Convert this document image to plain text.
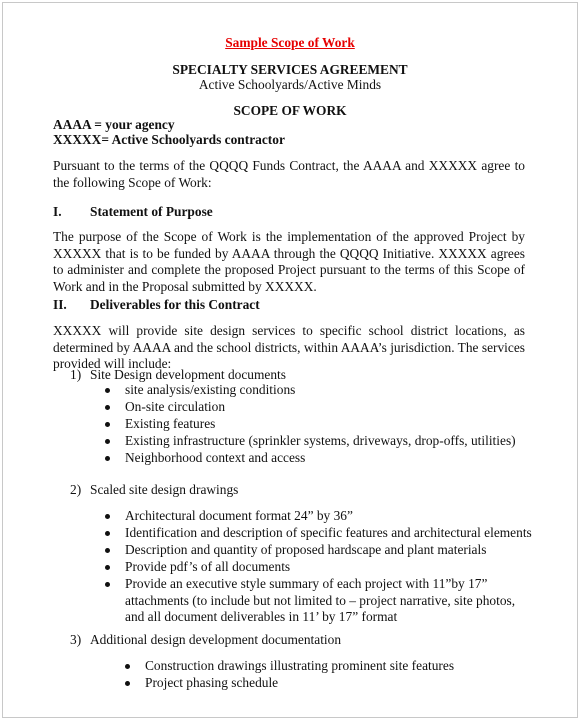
Sample Scope of Work
SPECIALTY SERVICES AGREEMENT
Active Schoolyards/Active Minds
SCOPE OF WORK
AAAA = your agency
XXXXX= Active Schoolyards contractor
Pursuant to the terms of the QQQQ Funds Contract, the AAAA and XXXXX agree to the following Scope of Work:
I. Statement of Purpose
The purpose of the Scope of Work is the implementation of the approved Project by XXXXX that is to be funded by AAAA through the QQQQ Initiative. XXXXX agrees to administer and complete the proposed Project pursuant to the terms of this Scope of Work and in the Proposal submitted by XXXXX.
II. Deliverables for this Contract
XXXXX will provide site design services to specific school district locations, as determined by AAAA and the school districts, within AAAA’s jurisdiction. The services provided will include:
1) Site Design development documents
site analysis/existing conditions
On-site circulation
Existing features
Existing infrastructure (sprinkler systems, driveways, drop-offs, utilities)
Neighborhood context and access
2) Scaled site design drawings
Architectural document format 24” by 36”
Identification and description of specific features and architectural elements
Description and quantity of proposed hardscape and plant materials
Provide pdf’s of all documents
Provide an executive style summary of each project with 11”by 17” attachments (to include but not limited to – project narrative, site photos, and all document deliverables in 11’ by 17” format
3) Additional design development documentation
Construction drawings illustrating prominent site features
Project phasing schedule
